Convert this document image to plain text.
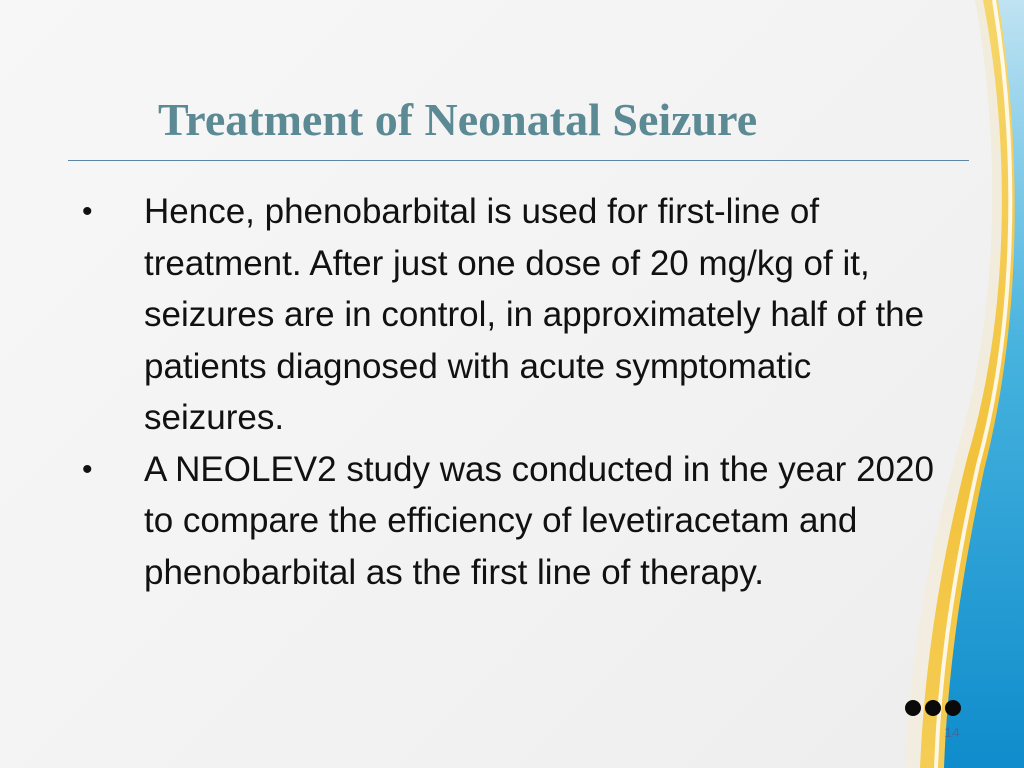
Treatment of Neonatal Seizure
• Hence, phenobarbital is used for first-line of treatment. After just one dose of 20 mg/kg of it, seizures are in control, in approximately half of the patients diagnosed with acute symptomatic seizures.
• A NEOLEV2 study was conducted in the year 2020 to compare the efficiency of levetiracetam and phenobarbital as the first line of therapy.
14
